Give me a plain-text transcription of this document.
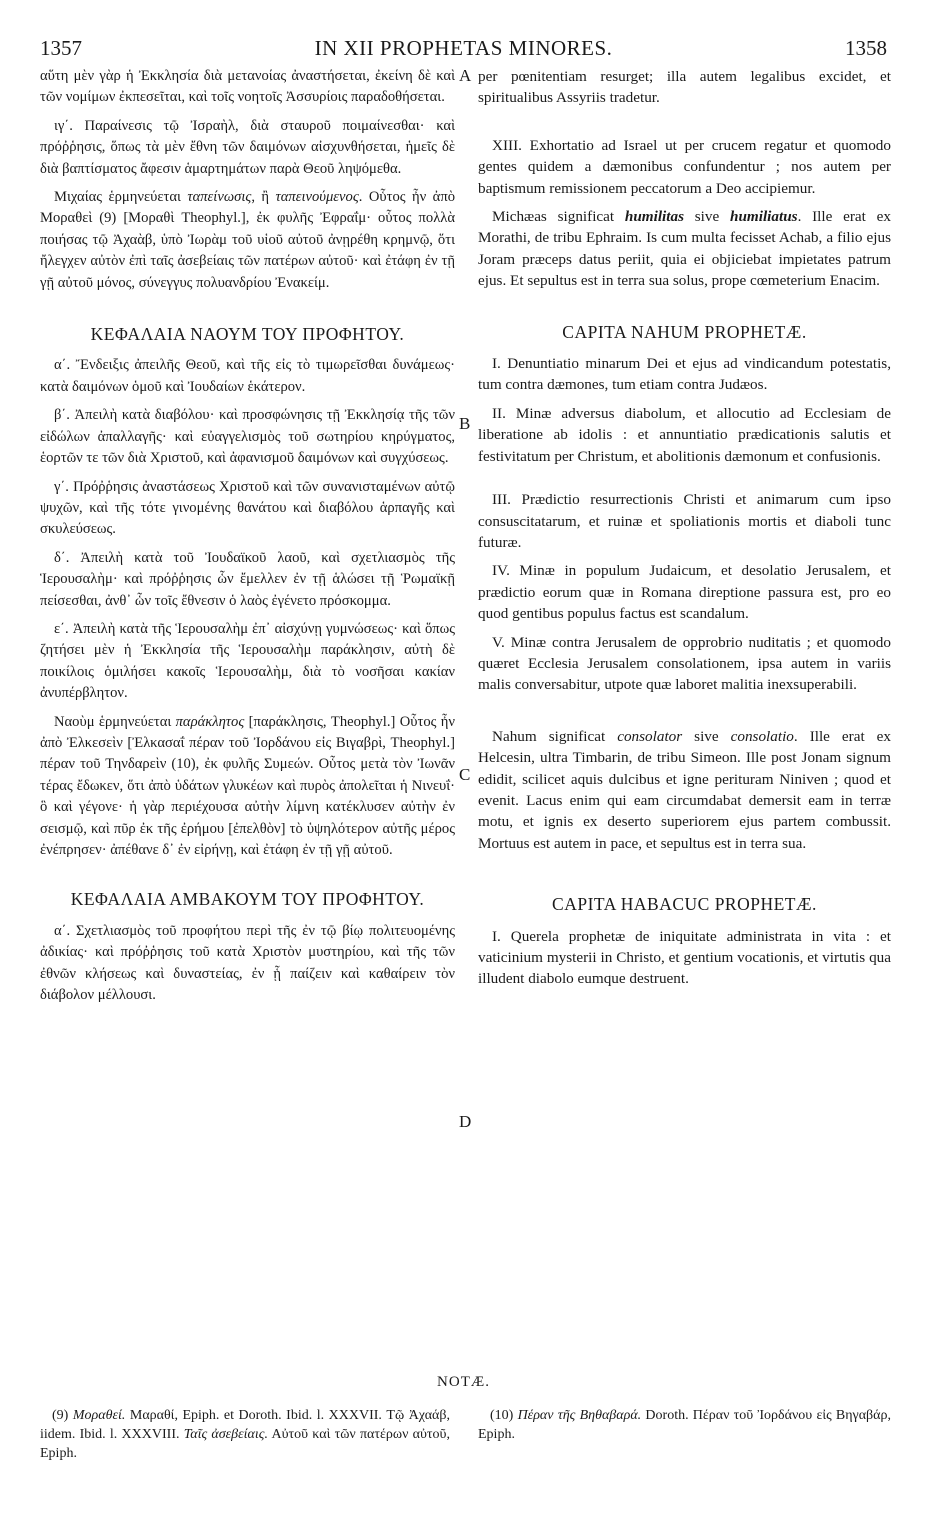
1357	IN XII PROPHETAS MINORES.	1358

αὕτη μὲν γὰρ ἡ Ἐκκλησία διὰ μετανοίας ἀναστήσεται, ἐκείνη δὲ καὶ τῶν νομίμων ἐκπεσεῖται, καὶ τοῖς νοητοῖς Ἀσσυρίοις παραδοθήσεται.

ιγ΄. Παραίνεσις τῷ Ἰσραὴλ, διὰ σταυροῦ ποιμαίνεσθαι· καὶ πρόῤῥησις, ὅπως τὰ μὲν ἔθνη τῶν δαιμόνων αἰσχυνθήσεται, ἡμεῖς δὲ διὰ βαπτίσματος ἄφεσιν ἁμαρτημάτων παρὰ Θεοῦ ληψόμεθα.

Μιχαίας ἑρμηνεύεται ταπείνωσις, ἢ ταπεινούμενος. Οὗτος ἦν ἀπὸ Μοραθεὶ (9) [Μοραθὶ Theophyl.], ἐκ φυλῆς Ἐφραΐμ· οὗτος πολλὰ ποιήσας τῷ Ἀχαὰβ, ὑπὸ Ἰωρὰμ τοῦ υἱοῦ αὐτοῦ ἀνῃρέθη κρημνῷ, ὅτι ἤλεγχεν αὐτὸν ἐπὶ ταῖς ἀσεβείαις τῶν πατέρων αὐτοῦ· καὶ ἐτάφη ἐν τῇ γῇ αὐτοῦ μόνος, σύνεγγυς πολυανδρίου Ἐνακείμ.

ΚΕΦΑΛΑΙΑ ΝΑΟΥΜ ΤΟΥ ΠΡΟΦΗΤΟΥ.

α΄. Ἔνδειξις ἀπειλῆς Θεοῦ, καὶ τῆς εἰς τὸ τιμωρεῖσθαι δυνάμεως· κατὰ δαιμόνων ὁμοῦ καὶ Ἰουδαίων ἑκάτερον.

β΄. Ἀπειλὴ κατὰ διαβόλου· καὶ προσφώνησις τῇ Ἐκκλησίᾳ τῆς τῶν εἰδώλων ἀπαλλαγῆς· καὶ εὐαγγελισμὸς τοῦ σωτηρίου κηρύγματος, ἑορτῶν τε τῶν διὰ Χριστοῦ, καὶ ἀφανισμοῦ δαιμόνων καὶ συγχύσεως.

γ΄. Πρόῤῥησις ἀναστάσεως Χριστοῦ καὶ τῶν συνανισταμένων αὐτῷ ψυχῶν, καὶ τῆς τότε γινομένης θανάτου καὶ διαβόλου ἁρπαγῆς καὶ σκυλεύσεως.

δ΄. Ἀπειλὴ κατὰ τοῦ Ἰουδαϊκοῦ λαοῦ, καὶ σχετλιασμὸς τῆς Ἱερουσαλὴμ· καὶ πρόῤῥησις ὧν ἔμελλεν ἐν τῇ ἁλώσει τῇ Ῥωμαϊκῇ πείσεσθαι, ἀνθ᾽ ὧν τοῖς ἔθνεσιν ὁ λαὸς ἐγένετο πρόσκομμα.

ε΄. Ἀπειλὴ κατὰ τῆς Ἱερουσαλὴμ ἐπ᾽ αἰσχύνῃ γυμνώσεως· καὶ ὅπως ζητήσει μὲν ἡ Ἐκκλησία τῆς Ἱερουσαλὴμ παράκλησιν, αὐτὴ δὲ ποικίλοις ὁμιλήσει κακοῖς Ἱερουσαλὴμ, διὰ τὸ νοσῆσαι κακίαν ἀνυπέρβλητον.

Ναοὺμ ἑρμηνεύεται παράκλητος [παράκλησις, Theophyl.] Οὗτος ἦν ἀπὸ Ἐλκεσεὶν [Ἐλκασαΐ πέραν τοῦ Ἰορδάνου εἰς Βιγαβρὶ, Theophyl.] πέραν τοῦ Τηνδαρεὶν (10), ἐκ φυλῆς Συμεών. Οὗτος μετὰ τὸν Ἰωνᾶν τέρας ἔδωκεν, ὅτι ἀπὸ ὑδάτων γλυκέων καὶ πυρὸς ἀπολεῖται ἡ Νινευΐ· ὃ καὶ γέγονε· ἡ γὰρ περιέχουσα αὐτὴν λίμνη κατέκλυσεν αὐτὴν ἐν σεισμῷ, καὶ πῦρ ἐκ τῆς ἐρήμου [ἐπελθὸν] τὸ ὑψηλότερον αὐτῆς μέρος ἐνέπρησεν· ἀπέθανε δ᾽ ἐν εἰρήνῃ, καὶ ἐτάφη ἐν τῇ γῇ αὐτοῦ.

ΚΕΦΑΛΑΙΑ ΑΜΒΑΚΟΥΜ ΤΟΥ ΠΡΟΦΗΤΟΥ.

α΄. Σχετλιασμὸς τοῦ προφήτου περὶ τῆς ἐν τῷ βίῳ πολιτευομένης ἀδικίας· καὶ πρόῤῥησις τοῦ κατὰ Χριστὸν μυστηρίου, καὶ τῆς τῶν ἐθνῶν κλήσεως καὶ δυναστείας, ἐν ᾗ παίζειν καὶ καθαίρειν τὸν διάβολον μέλλουσι.

per pœnitentiam resurget; illa autem legalibus excidet, et spiritualibus Assyriis tradetur.

XIII. Exhortatio ad Israel ut per crucem regatur et quomodo gentes quidem a dæmonibus confundentur ; nos autem per baptismum remissionem peccatorum a Deo accipiemur.

Michæas significat humilitas sive humiliatus. Ille erat ex Morathi, de tribu Ephraim. Is cum multa fecisset Achab, a filio ejus Joram præceps datus periit, quia ei objiciebat impietates patrum ejus. Et sepultus est in terra sua solus, prope cœmeterium Enacim.

CAPITA NAHUM PROPHETÆ.

I. Denuntiatio minarum Dei et ejus ad vindicandum potestatis, tum contra dæmones, tum etiam contra Judæos.

II. Minæ adversus diabolum, et allocutio ad Ecclesiam de liberatione ab idolis : et annuntiatio prædicationis salutis et festivitatum per Christum, et abolitionis dæmonum et confusionis.

III. Prædictio resurrectionis Christi et animarum cum ipso consuscitatarum, et ruinæ et spoliationis mortis et diaboli tunc futuræ.

IV. Minæ in populum Judaicum, et desolatio Jerusalem, et prædictio eorum quæ in Romana direptione passura est, pro eo quod gentibus populus factus est scandalum.

V. Minæ contra Jerusalem de opprobrio nuditatis ; et quomodo quæret Ecclesia Jerusalem consolationem, ipsa autem in variis malis conversabitur, utpote quæ laboret malitia inexsuperabili.

Nahum significat consolator sive consolatio. Ille erat ex Helcesin, ultra Timbarin, de tribu Simeon. Ille post Jonam signum edidit, scilicet aquis dulcibus et igne perituram Niniven ; quod et evenit. Lacus enim qui eam circumdabat demersit eam in terræ motu, et ignis ex deserto superiorem ejus partem combussit. Mortuus est autem in pace, et sepultus est in terra sua.

CAPITA HABACUC PROPHETÆ.

I. Querela prophetæ de iniquitate administrata in vita : et vaticinium mysterii in Christo, et gentium vocationis, et virtutis qua illudent diabolo eumque destruent.

A
B
C
D
NOTÆ.
(9) Μοραθεί. Μαραθί, Epiph. et Doroth. Ibid. l. XXXVII. Τῷ Ἀχαάβ, iidem. Ibid. l. XXXVIII. Ταῖς ἀσεβείαις. Αὐτοῦ καὶ τῶν πατέρων αὐτοῦ, Epiph.
(10) Πέραν τῆς Βηθαβαρά. Doroth. Πέραν τοῦ Ἰορδάνου εἰς Βηγαβάρ, Epiph.
